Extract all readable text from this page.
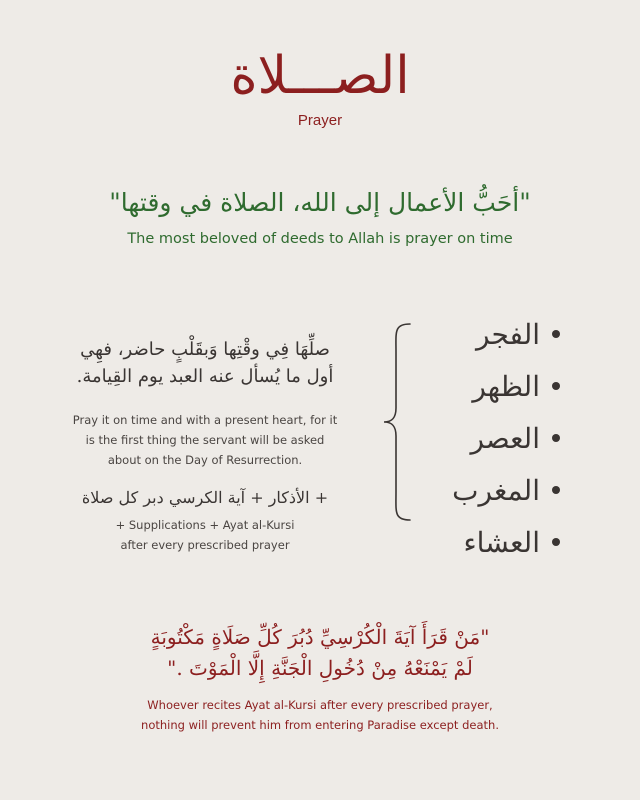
الصـــلاة
Prayer
"أحَبُّ الأعمال إلى الله، الصلاة في وقتها"
The most beloved of deeds to Allah is prayer on time
الفجر
الظهر
العصر
المغرب
العشاء
صلِّهَا فِي وقْتِها وَبقَلْبٍ حاضر، فهِي
أول ما يُسأل عنه العبد يوم القِيامة.
Pray it on time and with a present heart, for it
is the first thing the servant will be asked
about on the Day of Resurrection.
+ الأذكار + آية الكرسي دبر كل صلاة
+ Supplications + Ayat al-Kursi
after every prescribed prayer
"مَنْ قَرَأَ آيَةَ الْكُرْسِيِّ دُبُرَ كُلِّ صَلَاةٍ مَكْتُوبَةٍ
لَمْ يَمْنَعْهُ مِنْ دُخُولِ الْجَنَّةِ إِلَّا الْمَوْتَ ."
Whoever recites Ayat al-Kursi after every prescribed prayer,
nothing will prevent him from entering Paradise except death.
